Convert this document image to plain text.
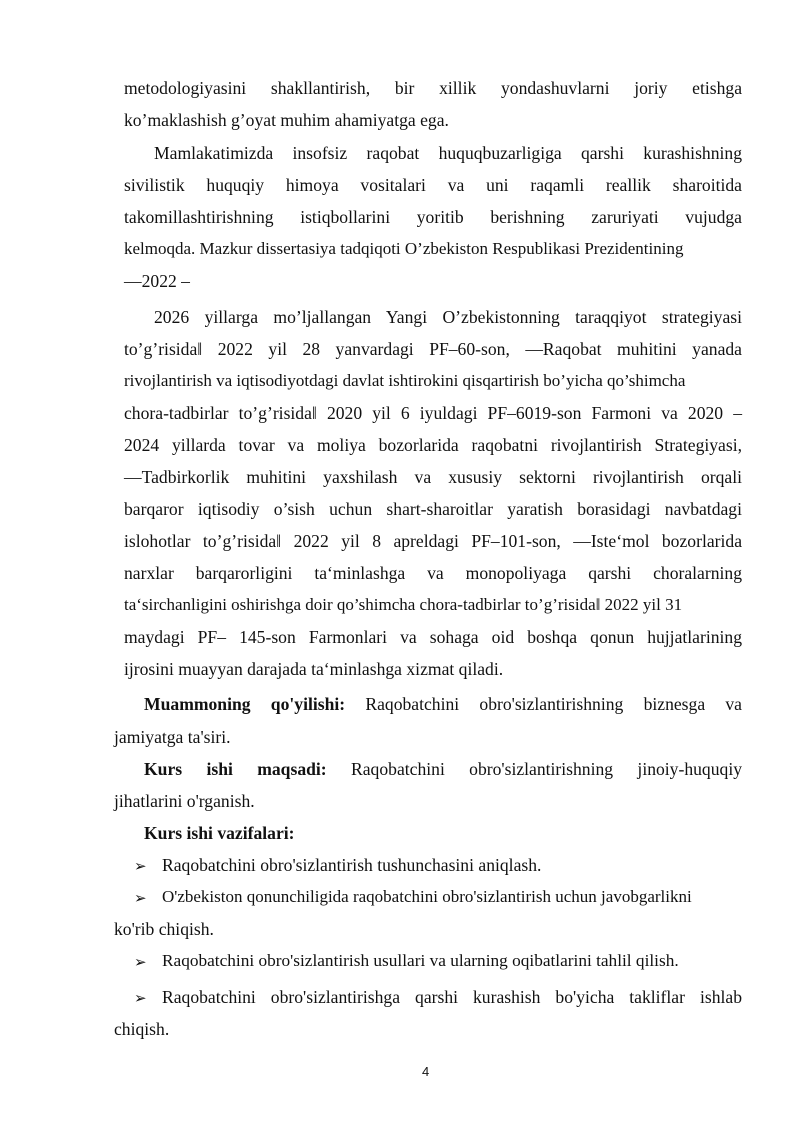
metodologiyasini shakllantirish, bir xillik yondashuvlarni joriy etishga
ko’maklashish g’oyat muhim ahamiyatga ega.
Mamlakatimizda insofsiz raqobat huquqbuzarligiga qarshi kurashishning
sivilistik huquqiy himoya vositalari va uni raqamli reallik sharoitida
takomillashtirishning istiqbollarini yoritib berishning zaruriyati vujudga
kelmoqda. Mazkur dissertasiya tadqiqoti O’zbekiston Respublikasi Prezidentining
―2022 –
2026 yillarga mo’ljallangan Yangi O’zbekistonning taraqqiyot strategiyasi
to’g’risida‖ 2022 yil 28 yanvardagi PF–60-son, ―Raqobat muhitini yanada
rivojlantirish va iqtisodiyotdagi davlat ishtirokini qisqartirish bo’yicha qo’shimcha
chora-tadbirlar to’g’risida‖ 2020 yil 6 iyuldagi PF–6019-son Farmoni va 2020 –
2024 yillarda tovar va moliya bozorlarida raqobatni rivojlantirish Strategiyasi,
―Tadbirkorlik muhitini yaxshilash va xususiy sektorni rivojlantirish orqali
barqaror iqtisodiy o’sish uchun shart-sharoitlar yaratish borasidagi navbatdagi
islohotlar to’g’risida‖ 2022 yil 8 apreldagi PF–101-son, ―Iste‘mol bozorlarida
narxlar barqarorligini ta‘minlashga va monopoliyaga qarshi choralarning
ta‘sirchanligini oshirishga doir qo’shimcha chora-tadbirlar to’g’risida‖ 2022 yil 31
maydagi PF– 145-son Farmonlari va sohaga oid boshqa qonun hujjatlarining
ijrosini muayyan darajada ta‘minlashga xizmat qiladi.
Muammoning qo'yilishi: Raqobatchini obro'sizlantirishning biznesga va
jamiyatga ta'siri.
Kurs ishi maqsadi: Raqobatchini obro'sizlantirishning jinoiy-huquqiy
jihatlarini o'rganish.
Kurs ishi vazifalari:
➢ Raqobatchini obro'sizlantirish tushunchasini aniqlash.
➢ O'zbekiston qonunchiligida raqobatchini obro'sizlantirish uchun javobgarlikni
ko'rib chiqish.
➢ Raqobatchini obro'sizlantirish usullari va ularning oqibatlarini tahlil qilish.
➢ Raqobatchini obro'sizlantirishga qarshi kurashish bo'yicha takliflar ishlab
chiqish.
4
